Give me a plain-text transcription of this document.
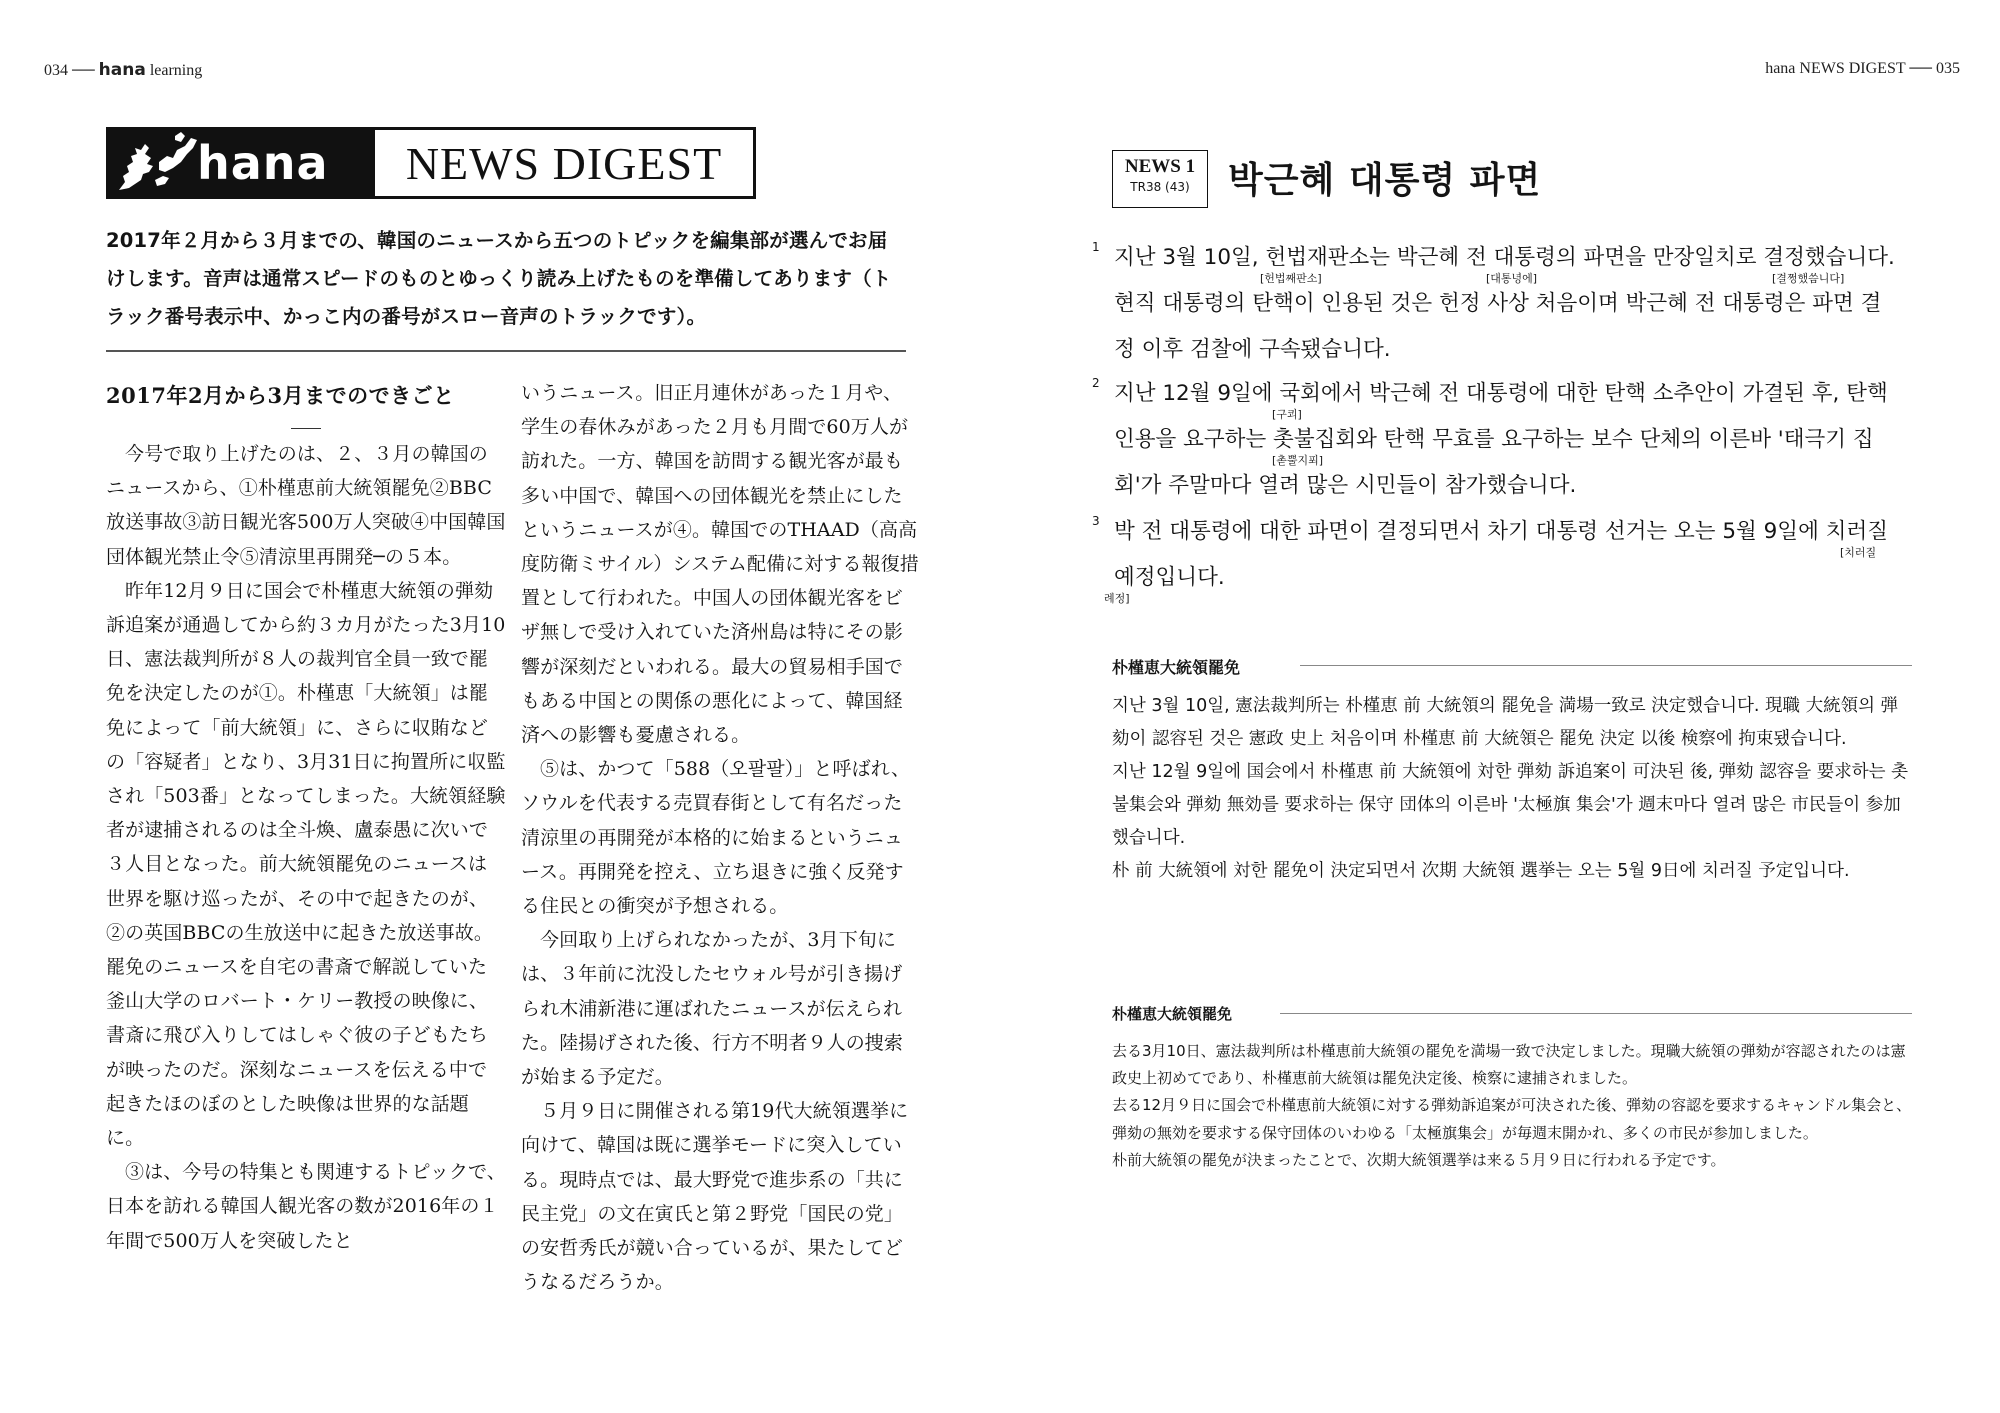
034 ── hana learning	hana NEWS DIGEST ── 035
hana	NEWS DIGEST
2017年２月から３月までの、韓国のニュースから五つのトピックを編集部が選んでお届
けします。音声は通常スピードのものとゆっくり読み上げたものを準備してあります（ト
ラック番号表示中、かっこ内の番号がスロー音声のトラックです）。
2017年2月から3月までのできごと

今号で取り上げたのは、２、３月の韓国のニュースから、①朴槿恵前大統領罷免②BBC放送事故③訪日観光客500万人突破④中国韓国団体観光禁止令⑤清涼里再開発─の５本。

昨年12月９日に国会で朴槿恵大統領の弾劾訴追案が通過してから約３カ月がたった3月10日、憲法裁判所が８人の裁判官全員一致で罷免を決定したのが①。朴槿恵「大統領」は罷免によって「前大統領」に、さらに収賄などの「容疑者」となり、3月31日に拘置所に収監され「503番」となってしまった。大統領経験者が逮捕されるのは全斗煥、盧泰愚に次いで３人目となった。前大統領罷免のニュースは世界を駆け巡ったが、その中で起きたのが、②の英国BBCの生放送中に起きた放送事故。罷免のニュースを自宅の書斎で解説していた釜山大学のロバート・ケリー教授の映像に、書斎に飛び入りしてはしゃぐ彼の子どもたちが映ったのだ。深刻なニュースを伝える中で起きたほのぼのとした映像は世界的な話題に。

③は、今号の特集とも関連するトピックで、日本を訪れる韓国人観光客の数が2016年の１年間で500万人を突破したと

いうニュース。旧正月連休があった１月や、学生の春休みがあった２月も月間で60万人が訪れた。一方、韓国を訪問する観光客が最も多い中国で、韓国への団体観光を禁止にしたというニュースが④。韓国でのTHAAD（高高度防衛ミサイル）システム配備に対する報復措置として行われた。中国人の団体観光客をビザ無しで受け入れていた済州島は特にその影響が深刻だといわれる。最大の貿易相手国でもある中国との関係の悪化によって、韓国経済への影響も憂慮される。

⑤は、かつて「588（오팔팔）」と呼ばれ、ソウルを代表する売買春街として有名だった清涼里の再開発が本格的に始まるというニュース。再開発を控え、立ち退きに強く反発する住民との衝突が予想される。

今回取り上げられなかったが、3月下旬には、３年前に沈没したセウォル号が引き揚げられ木浦新港に運ばれたニュースが伝えられた。陸揚げされた後、行方不明者９人の捜索が始まる予定だ。

５月９日に開催される第19代大統領選挙に向けて、韓国は既に選挙モードに突入している。現時点では、最大野党で進歩系の「共に民主党」の文在寅氏と第２野党「国民の党」の安哲秀氏が競い合っているが、果たしてどうなるだろうか。

NEWS 1
TR38 (43)	박근혜 대통령 파면
1 지난 3월 10일, 헌법재판소는 박근혜 전 대통령의 파면을 만장일치로 결정했습니다.
[헌법째판소]	[대통녕에]	[결쩡했씀니다]
현직 대통령의 탄핵이 인용된 것은 헌정 사상 처음이며 박근혜 전 대통령은 파면 결
정 이후 검찰에 구속됐습니다.
2 지난 12월 9일에 국회에서 박근혜 전 대통령에 대한 탄핵 소추안이 가결된 후, 탄핵
[구쾨]
인용을 요구하는 촛불집회와 탄핵 무효를 요구하는 보수 단체의 이른바 '태극기 집
[촏뿔지푀]
회'가 주말마다 열려 많은 시민들이 참가했습니다.
3 박 전 대통령에 대한 파면이 결정되면서 차기 대통령 선거는 오는 5월 9일에 치러질
[치러질
예정입니다.
례정]
朴槿恵大統領罷免

지난 3월 10일, 憲法裁判所는 朴槿恵 前 大統領의 罷免을 満場一致로 決定했습니다. 現職 大統領의 弾劾이 認容된 것은 憲政 史上 처음이며 朴槿恵 前 大統領은 罷免 決定 以後 検察에 拘束됐습니다.

지난 12월 9일에 国会에서 朴槿恵 前 大統領에 対한 弾劾 訴追案이 可決된 後, 弾劾 認容을 要求하는 촛불集会와 弾劾 無効를 要求하는 保守 団体의 이른바 '太極旗 集会'가 週末마다 열려 많은 市民들이 参加했습니다.

朴 前 大統領에 対한 罷免이 決定되면서 次期 大統領 選挙는 오는 5월 9日에 치러질 予定입니다.

朴槿恵大統領罷免

去る3月10日、憲法裁判所は朴槿恵前大統領の罷免を満場一致で決定しました。現職大統領の弾劾が容認されたのは憲政史上初めてであり、朴槿恵前大統領は罷免決定後、検察に逮捕されました。

去る12月９日に国会で朴槿恵前大統領に対する弾劾訴追案が可決された後、弾劾の容認を要求するキャンドル集会と、弾劾の無効を要求する保守団体のいわゆる「太極旗集会」が毎週末開かれ、多くの市民が参加しました。

朴前大統領の罷免が決まったことで、次期大統領選挙は来る５月９日に行われる予定です。
